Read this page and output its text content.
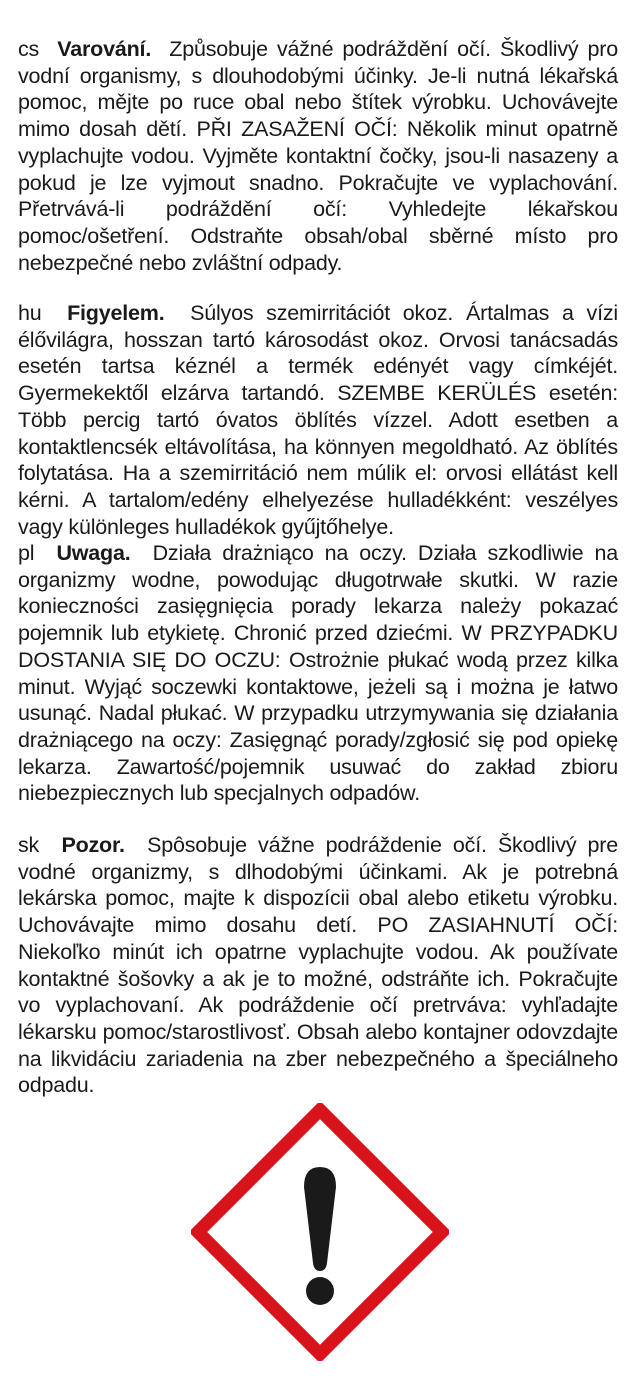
cs Varování. Způsobuje vážné podráždění očí. Škodlivý pro vodní organismy, s dlouhodobými účinky. Je-li nutná lékařská pomoc, mějte po ruce obal nebo štítek výrobku. Uchovávejte mimo dosah dětí. PŘI ZASAŽENÍ OČÍ: Několik minut opatrně vyplachujte vodou. Vyjměte kontaktní čočky, jsou-li nasazeny a pokud je lze vyjmout snadno. Pokračujte ve vyplachování. Přetrvává-li podráždění očí: Vyhledejte lékařskou pomoc/ošetření. Odstraňte obsah/obal sběrné místo pro nebezpečné nebo zvláštní odpady.
hu Figyelem. Súlyos szemirritációt okoz. Ártalmas a vízi élővilágra, hosszan tartó károsodást okoz. Orvosi tanácsadás esetén tartsa kéznél a termék edényét vagy címkéjét. Gyermekektől elzárva tartandó. SZEMBE KERÜLÉS esetén: Több percig tartó óvatos öblítés vízzel. Adott esetben a kontaktlencsék eltávolítása, ha könnyen megoldható. Az öblítés folytatása. Ha a szemirritáció nem múlik el: orvosi ellátást kell kérni. A tartalom/edény elhelyezése hulladékként: veszélyes vagy különleges hulladékok gyűjtőhelye.
pl Uwaga. Działa drażniąco na oczy. Działa szkodliwie na organizmy wodne, powodując długotrwałe skutki. W razie konieczności zasięgnięcia porady lekarza należy pokazać pojemnik lub etykietę. Chronić przed dziećmi. W PRZYPADKU DOSTANIA SIĘ DO OCZU: Ostrożnie płukać wodą przez kilka minut. Wyjąć soczewki kontaktowe, jeżeli są i można je łatwo usunąć. Nadal płukać. W przypadku utrzymywania się działania drażniącego na oczy: Zasięgnąć porady/zgłosić się pod opiekę lekarza. Zawartość/pojemnik usuwać do zakład zbioru niebezpiecznych lub specjalnych odpadów.
sk Pozor. Spôsobuje vážne podráždenie očí. Škodlivý pre vodné organizmy, s dlhodobými účinkami. Ak je potrebná lekárska pomoc, majte k dispozícii obal alebo etiketu výrobku. Uchovávajte mimo dosahu detí. PO ZASIAHNUTÍ OČÍ: Niekoľko minút ich opatrne vyplachujte vodou. Ak používate kontaktné šošovky a ak je to možné, odstráňte ich. Pokračujte vo vyplachovaní. Ak podráždenie očí pretrváva: vyhľadajte lékarsku pomoc/starostlivosť. Obsah alebo kontajner odovzdajte na likvidáciu zariadenia na zber nebezpečného a špeciálneho odpadu.
